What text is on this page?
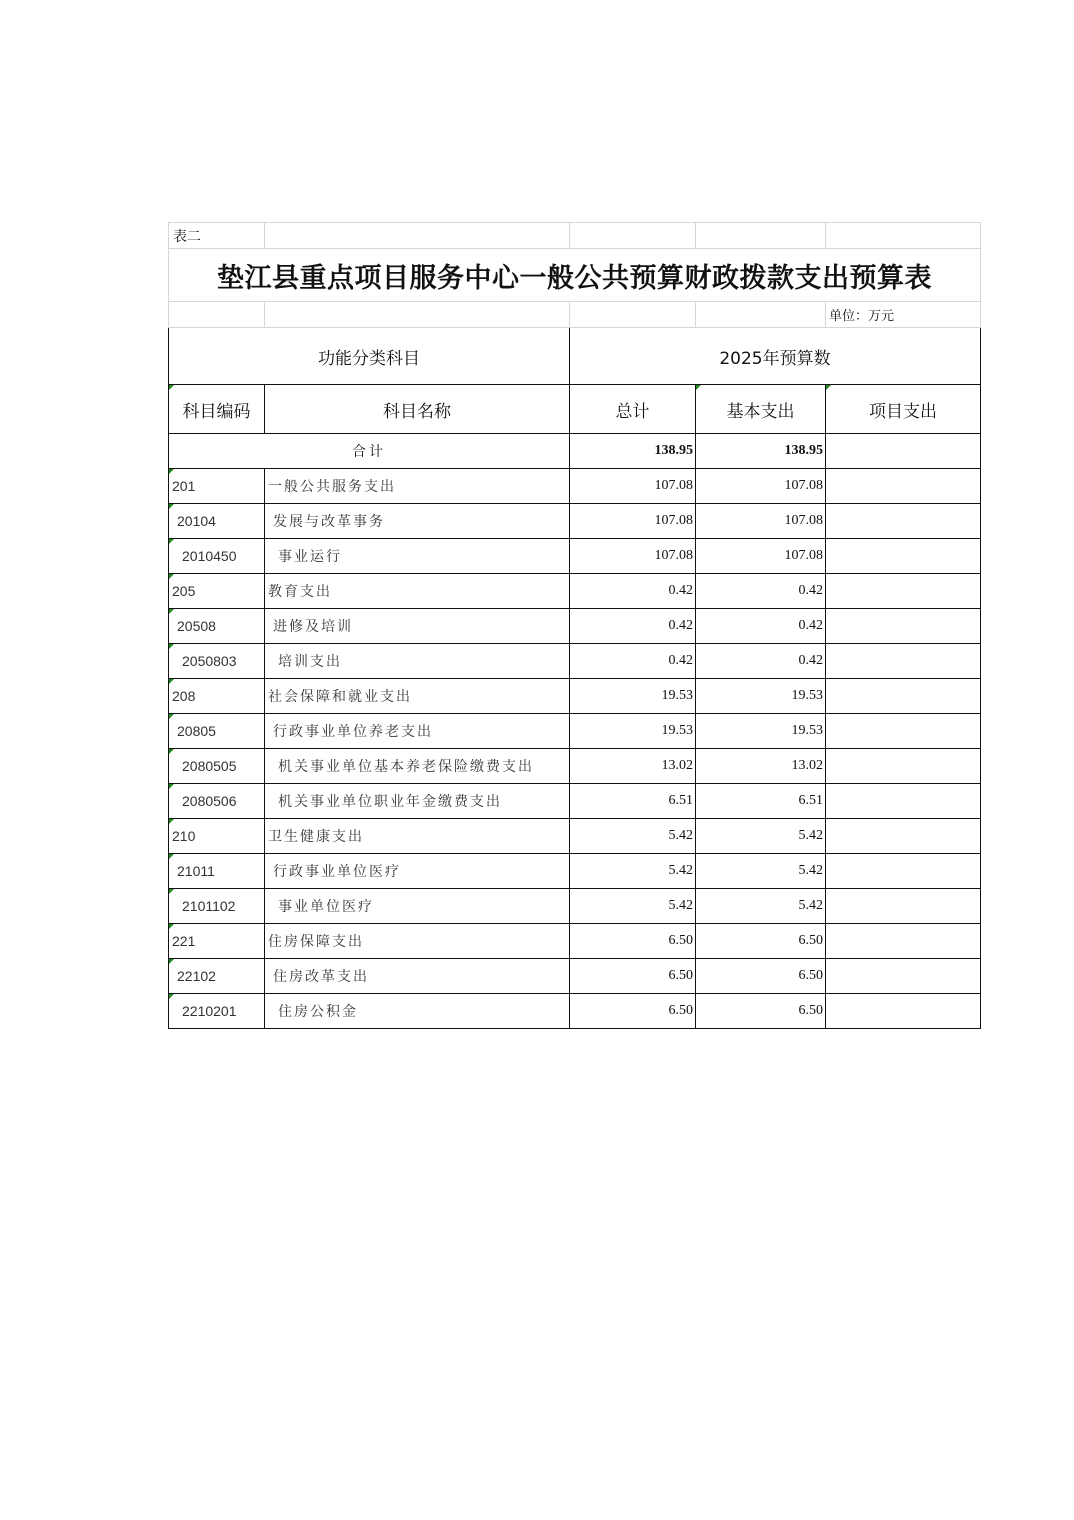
表二				
垫江县重点项目服务中心一般公共预算财政拨款支出预算表				
				单位：万元
功能分类科目		2025年预算数		
科目编码	科目名称	总计	基本支出	项目支出
合计		138.95	138.95	
201	一般公共服务支出	107.08	107.08	
20104	发展与改革事务	107.08	107.08	
2010450	事业运行	107.08	107.08	
205	教育支出	0.42	0.42	
20508	进修及培训	0.42	0.42	
2050803	培训支出	0.42	0.42	
208	社会保障和就业支出	19.53	19.53	
20805	行政事业单位养老支出	19.53	19.53	
2080505	机关事业单位基本养老保险缴费支出	13.02	13.02	
2080506	机关事业单位职业年金缴费支出	6.51	6.51	
210	卫生健康支出	5.42	5.42	
21011	行政事业单位医疗	5.42	5.42	
2101102	事业单位医疗	5.42	5.42	
221	住房保障支出	6.50	6.50	
22102	住房改革支出	6.50	6.50	
2210201	住房公积金	6.50	6.50	
